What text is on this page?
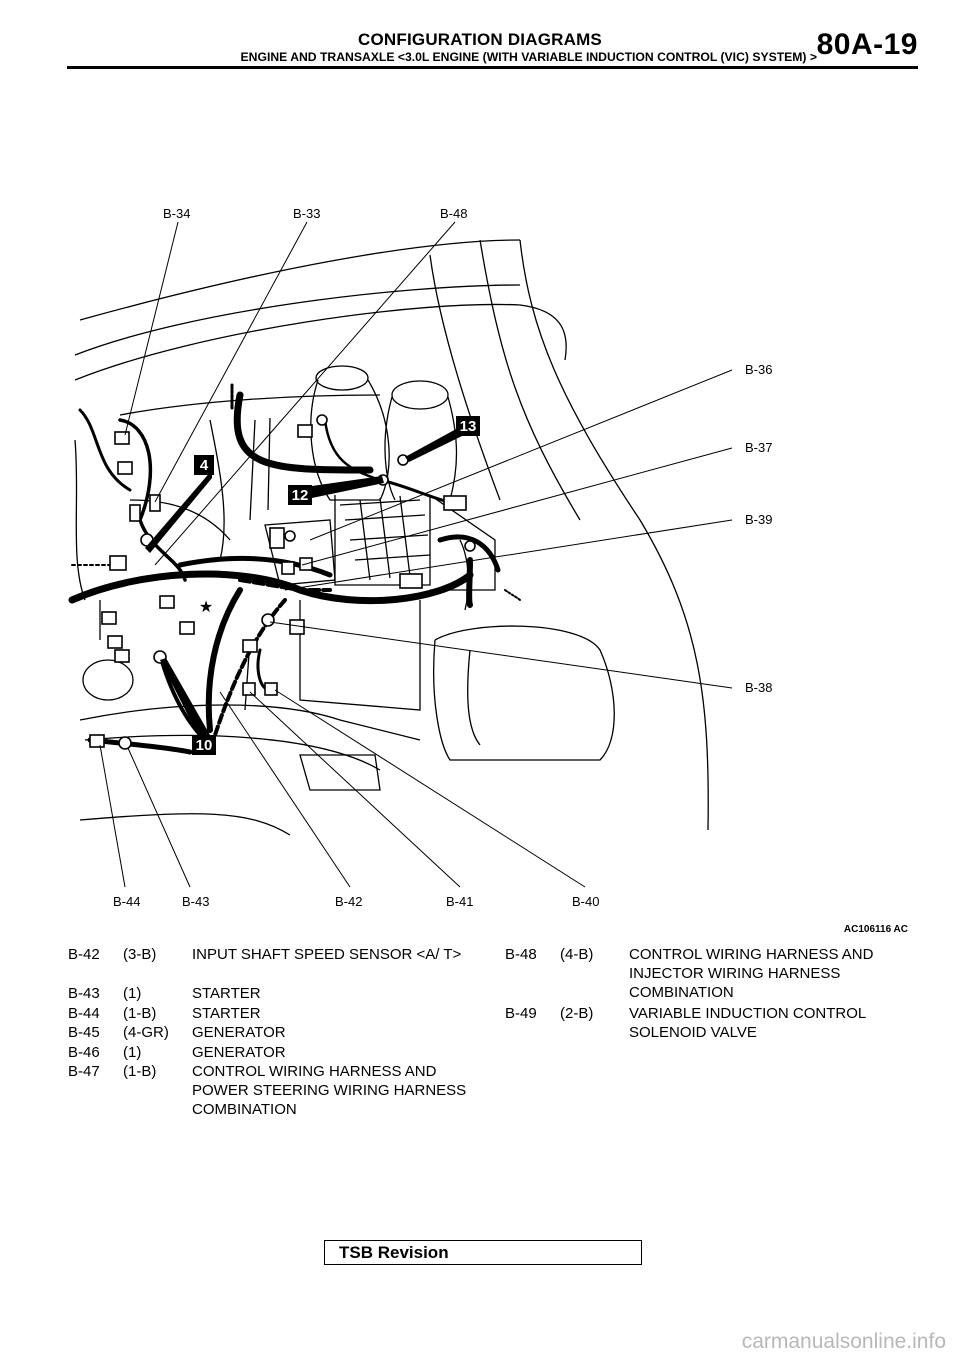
CONFIGURATION DIAGRAMS
ENGINE AND TRANSAXLE <3.0L ENGINE (WITH VARIABLE INDUCTION CONTROL (VIC) SYSTEM) > 80A-19
4
10
12
13
★
B-34	B-33	B-48
B-36
B-37
B-39
B-38
B-44	B-43	B-42	B-41	B-40
AC106116 AC
B-42	(3-B)	INPUT SHAFT SPEED SENSOR <A/ T>
B-43	(1)	STARTER
B-44	(1-B)	STARTER
B-45	(4-GR)	GENERATOR
B-46	(1)	GENERATOR
B-47	(1-B)	CONTROL WIRING HARNESS AND POWER STEERING WIRING HARNESS COMBINATION
B-48	(4-B)	CONTROL WIRING HARNESS AND INJECTOR WIRING HARNESS COMBINATION
B-49	(2-B)	VARIABLE INDUCTION CONTROL SOLENOID VALVE
TSB Revision
carmanualsonline.info
